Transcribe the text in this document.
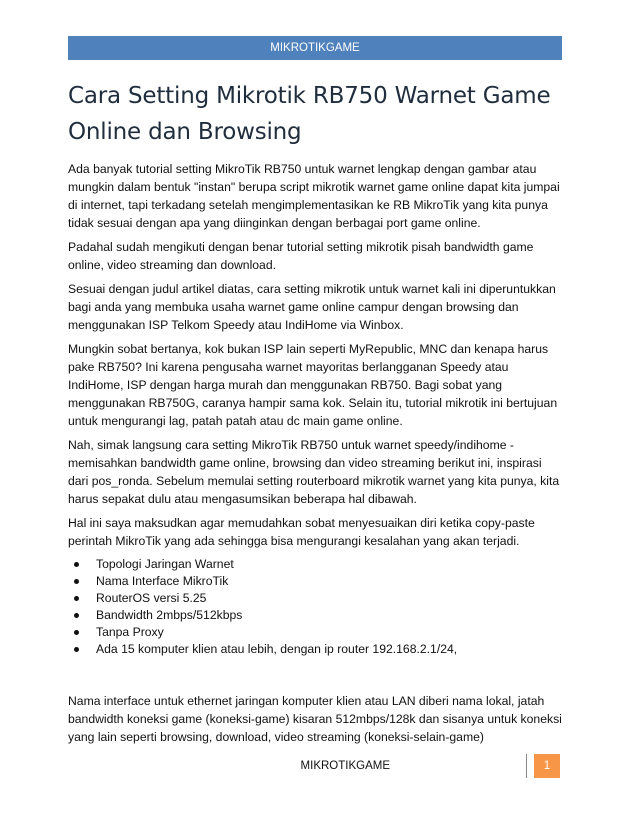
MIKROTIKGAME
Cara Setting Mikrotik RB750 Warnet Game Online dan Browsing

Ada banyak tutorial setting MikroTik RB750 untuk warnet lengkap dengan gambar atau mungkin dalam bentuk "instan" berupa script mikrotik warnet game online dapat kita jumpai di internet, tapi terkadang setelah mengimplementasikan ke RB MikroTik yang kita punya tidak sesuai dengan apa yang diinginkan dengan berbagai port game online.

Padahal sudah mengikuti dengan benar tutorial setting mikrotik pisah bandwidth game online, video streaming dan download.

Sesuai dengan judul artikel diatas, cara setting mikrotik untuk warnet kali ini diperuntukkan bagi anda yang membuka usaha warnet game online campur dengan browsing dan menggunakan ISP Telkom Speedy atau IndiHome via Winbox.

Mungkin sobat bertanya, kok bukan ISP lain seperti MyRepublic, MNC dan kenapa harus pake RB750? Ini karena pengusaha warnet mayoritas berlangganan Speedy atau IndiHome, ISP dengan harga murah dan menggunakan RB750. Bagi sobat yang menggunakan RB750G, caranya hampir sama kok. Selain itu, tutorial mikrotik ini bertujuan untuk mengurangi lag, patah patah atau dc main game online.

Nah, simak langsung cara setting MikroTik RB750 untuk warnet speedy/indihome - memisahkan bandwidth game online, browsing dan video streaming berikut ini, inspirasi dari pos_ronda. Sebelum memulai setting routerboard mikrotik warnet yang kita punya, kita harus sepakat dulu atau mengasumsikan beberapa hal dibawah.

Hal ini saya maksudkan agar memudahkan sobat menyesuaikan diri ketika copy-paste perintah MikroTik yang ada sehingga bisa mengurangi kesalahan yang akan terjadi.

Topologi Jaringan Warnet
Nama Interface MikroTik
RouterOS versi 5.25
Bandwidth 2mbps/512kbps
Tanpa Proxy
Ada 15 komputer klien atau lebih, dengan ip router 192.168.2.1/24,

Nama interface untuk ethernet jaringan komputer klien atau LAN diberi nama lokal, jatah bandwidth koneksi game (koneksi-game) kisaran 512mbps/128k dan sisanya untuk koneksi yang lain seperti browsing, download, video streaming (koneksi-selain-game)

MIKROTIKGAME	1
